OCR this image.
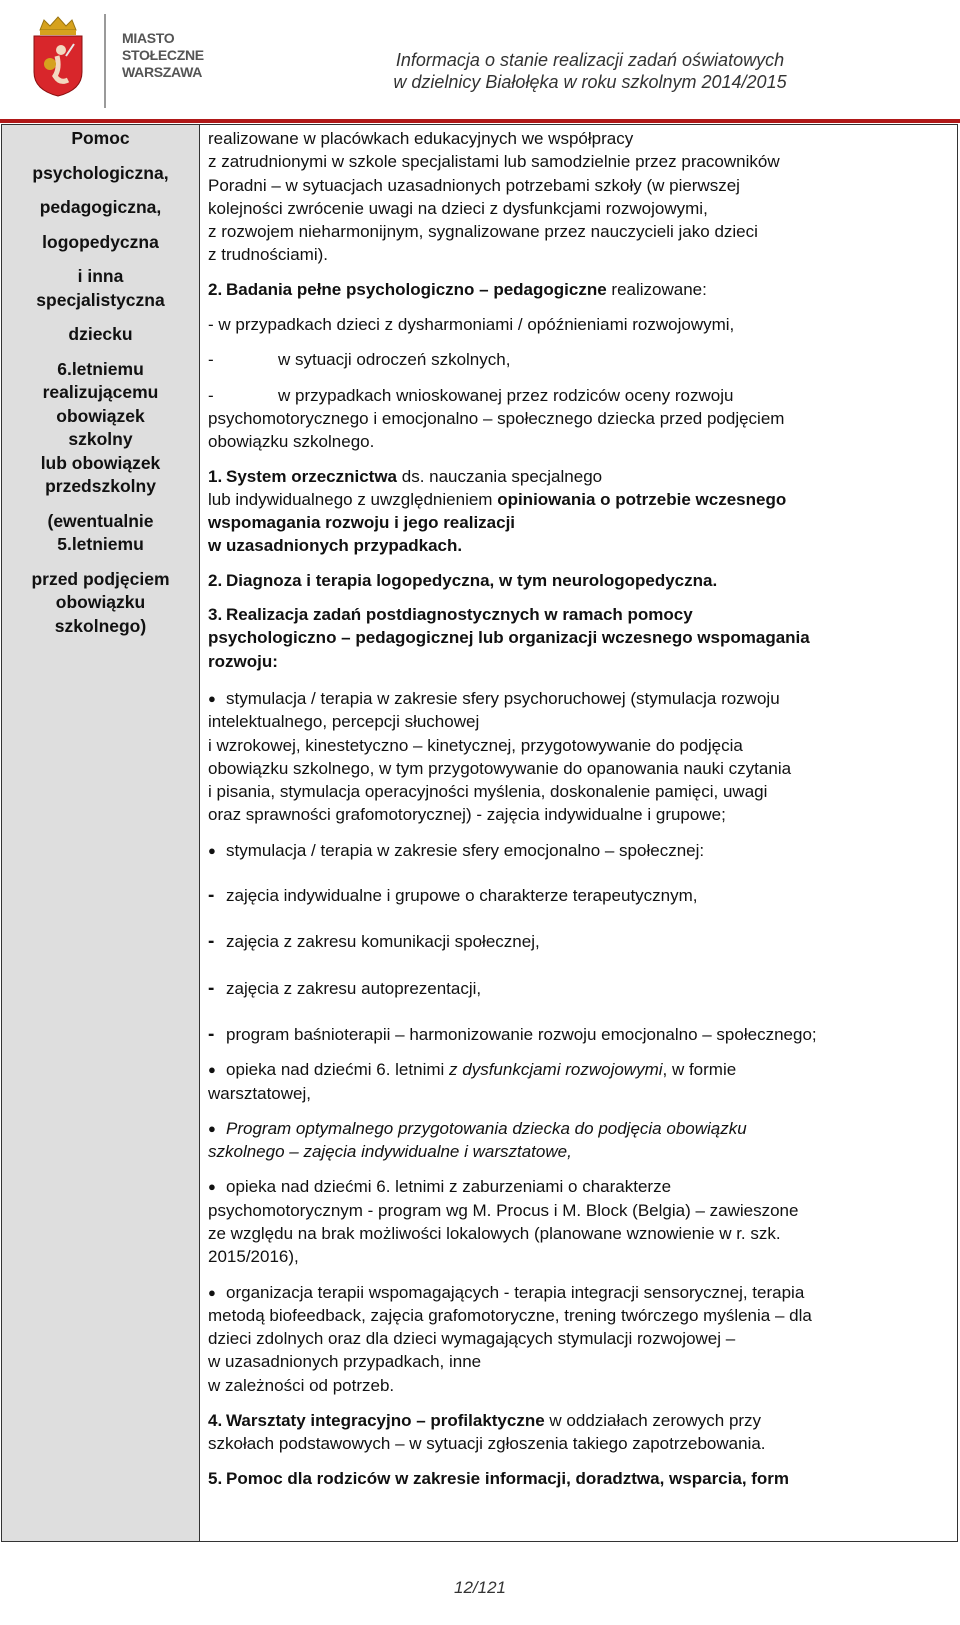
MIASTO
STOŁECZNE
WARSZAWA
Informacja o stanie realizacji zadań oświatowych
w dzielnicy Białołęka w roku szkolnym 2014/2015
Pomoc
psychologiczna,
pedagogiczna,
logopedyczna
i inna
specjalistyczna
dziecku
6.letniemu
realizującemu
obowiązek
szkolny
lub obowiązek
przedszkolny
(ewentualnie
5.letniemu
przed podjęciem
obowiązku
szkolnego)
realizowane w placówkach edukacyjnych we współpracy
z zatrudnionymi w szkole specjalistami lub samodzielnie przez pracowników
Poradni – w sytuacjach uzasadnionych potrzebami szkoły (w pierwszej
kolejności zwrócenie uwagi na dzieci z dysfunkcjami rozwojowymi,
z rozwojem nieharmonijnym, sygnalizowane przez nauczycieli jako dzieci
z trudnościami).
2. Badania pełne psychologiczno – pedagogiczne realizowane:
- w przypadkach dzieci z dysharmoniami / opóźnieniami rozwojowymi,
-	w sytuacji odroczeń szkolnych,
-	w przypadkach wnioskowanej przez rodziców oceny rozwoju
psychomotorycznego i emocjonalno – społecznego dziecka przed podjęciem
obowiązku szkolnego.
1. System orzecznictwa ds. nauczania specjalnego
lub indywidualnego z uwzględnieniem opiniowania o potrzebie wczesnego
wspomagania rozwoju i jego realizacji
w uzasadnionych przypadkach.
2. Diagnoza i terapia logopedyczna, w tym neurologopedyczna.
3. Realizacja zadań postdiagnostycznych w ramach pomocy
psychologiczno – pedagogicznej lub organizacji wczesnego wspomagania
rozwoju:
● stymulacja / terapia w zakresie sfery psychoruchowej (stymulacja rozwoju
intelektualnego, percepcji słuchowej
i wzrokowej, kinestetyczno – kinetycznej, przygotowywanie do podjęcia
obowiązku szkolnego, w tym przygotowywanie do opanowania nauki czytania
i pisania, stymulacja operacyjności myślenia, doskonalenie pamięci, uwagi
oraz sprawności grafomotorycznej) - zajęcia indywidualne i grupowe;
● stymulacja / terapia w zakresie sfery emocjonalno – społecznej:
- zajęcia indywidualne i grupowe o charakterze terapeutycznym,
- zajęcia z zakresu komunikacji społecznej,
- zajęcia z zakresu autoprezentacji,
- program baśnioterapii – harmonizowanie rozwoju emocjonalno – społecznego;
● opieka nad dziećmi 6. letnimi z dysfunkcjami rozwojowymi, w formie
warsztatowej,
● Program optymalnego przygotowania dziecka do podjęcia obowiązku
szkolnego – zajęcia indywidualne i warsztatowe,
● opieka nad dziećmi 6. letnimi z zaburzeniami o charakterze
psychomotorycznym - program wg M. Procus i M. Block (Belgia) – zawieszone
ze względu na brak możliwości lokalowych (planowane wznowienie w r. szk.
2015/2016),
● organizacja terapii wspomagających - terapia integracji sensorycznej, terapia
metodą biofeedback, zajęcia grafomotoryczne, trening twórczego myślenia – dla
dzieci zdolnych oraz dla dzieci wymagających stymulacji rozwojowej –
w uzasadnionych przypadkach, inne
w zależności od potrzeb.
4. Warsztaty integracyjno – profilaktyczne w oddziałach zerowych przy
szkołach podstawowych – w sytuacji zgłoszenia takiego zapotrzebowania.
5. Pomoc dla rodziców w zakresie informacji, doradztwa, wsparcia, form
12/121
